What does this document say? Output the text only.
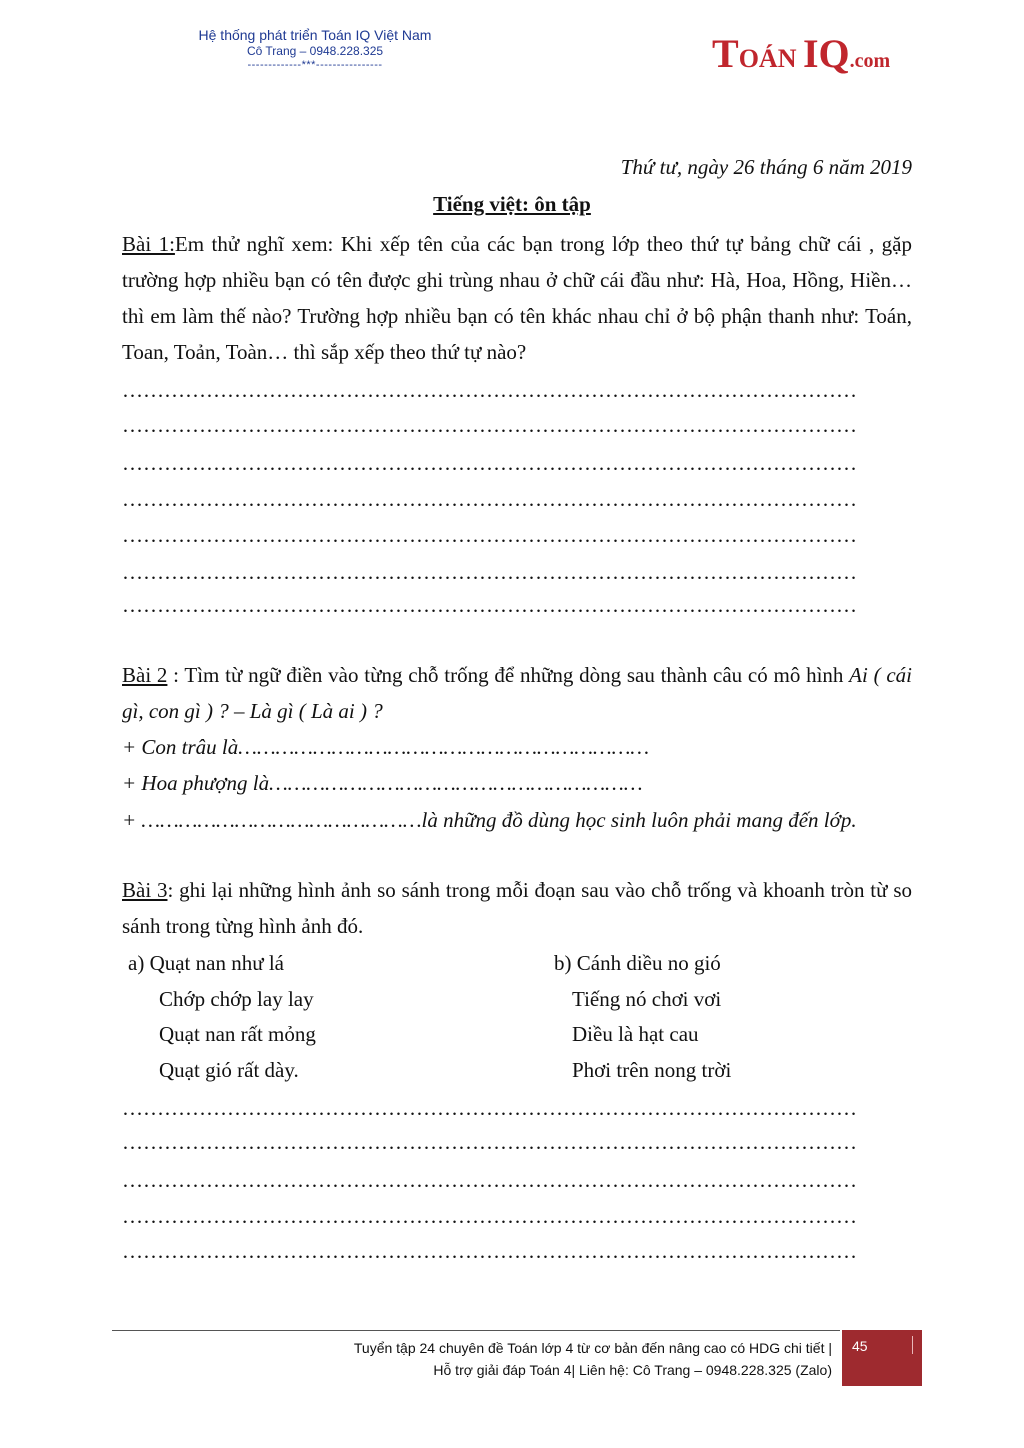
Hệ thống phát triển Toán IQ Việt Nam
Cô Trang – 0948.228.325
-------------***----------------	TOÁN IQ.com
Thứ tư, ngày 26 tháng 6 năm 2019
Tiếng việt: ôn tập

Bài 1:Em thử nghĩ xem: Khi xếp tên của các bạn trong lớp theo thứ tự bảng chữ cái , gặp trường hợp nhiều bạn có tên được ghi trùng nhau ở chữ cái đầu như: Hà, Hoa, Hồng, Hiền… thì em làm thế nào? Trường hợp nhiều bạn có tên khác nhau chỉ ở bộ phận thanh như: Toán, Toan, Toản, Toàn… thì sắp xếp theo thứ tự nào?

……………………………………………………………………………………………
……………………………………………………………………………………………
……………………………………………………………………………………………
……………………………………………………………………………………………
……………………………………………………………………………………………
……………………………………………………………………………………………
……………………………………………………………………………………………

Bài 2 : Tìm từ ngữ điền vào từng chỗ trống để những dòng sau thành câu có mô hình Ai ( cái gì, con gì ) ? – Là gì ( Là ai ) ?

+ Con trâu là…………………………………………………………
+ Hoa phượng là……………………………………………………

+ ………………………………………là những đồ dùng học sinh luôn phải mang đến lớp.

Bài 3: ghi lại những hình ảnh so sánh trong mỗi đoạn sau vào chỗ trống và khoanh tròn từ so sánh trong từng hình ảnh đó.

a) Quạt nan như lá
Chớp chớp lay lay
Quạt nan rất mỏng
Quạt gió rất dày.
b) Cánh diều no gió
Tiếng nó chơi vơi
Diều là hạt cau
Phơi trên nong trời
……………………………………………………………………………………………
……………………………………………………………………………………………
……………………………………………………………………………………………
……………………………………………………………………………………………
……………………………………………………………………………………………
Tuyển tập 24 chuyên đề Toán lớp 4 từ cơ bản đến nâng cao có HDG chi tiết |
Hỗ trợ giải đáp Toán 4| Liên hệ: Cô Trang – 0948.228.325 (Zalo)
45
